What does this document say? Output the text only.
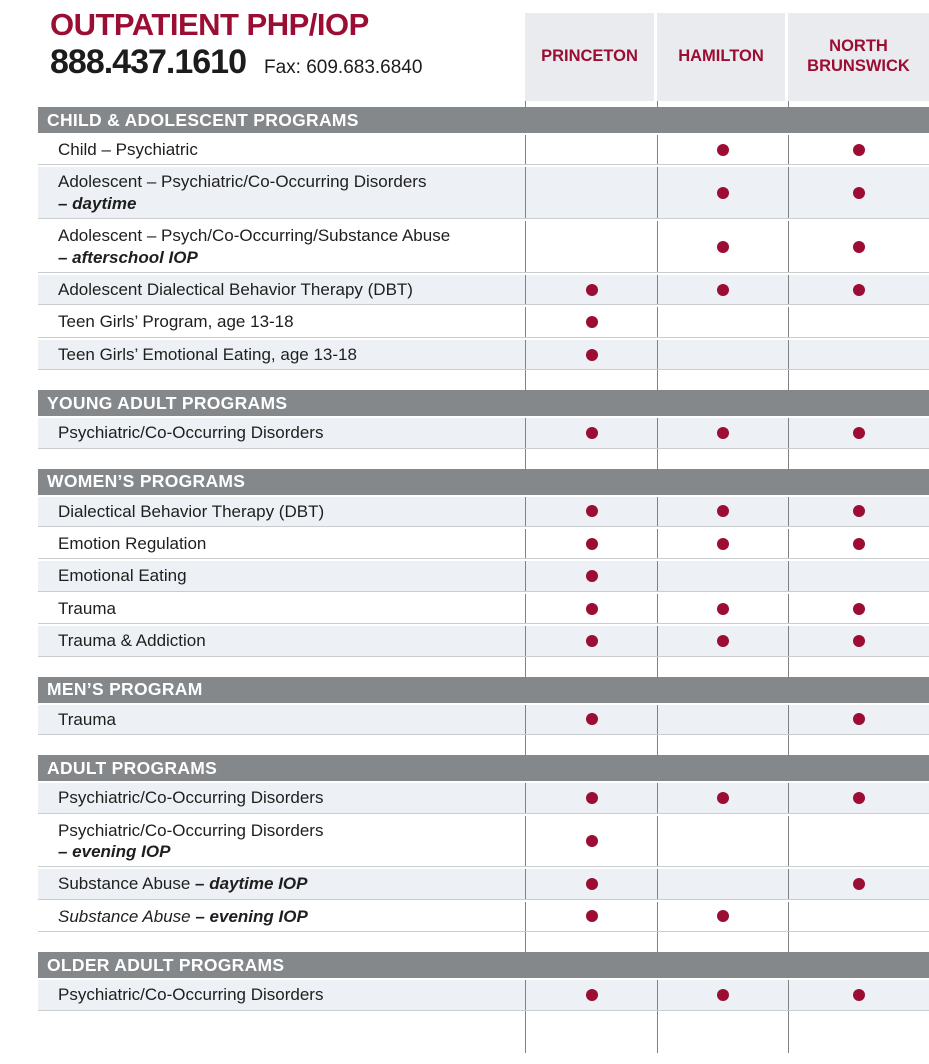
OUTPATIENT PHP/IOP
888.437.1610 Fax: 609.683.6840
PRINCETON	HAMILTON
NORTH BRUNSWICK
CHILD & ADOLESCENT PROGRAMS
Child – Psychiatric
Adolescent – Psychiatric/Co-Occurring Disorders
– daytime
Adolescent – Psych/Co-Occurring/Substance Abuse
– afterschool IOP
Adolescent Dialectical Behavior Therapy (DBT)
Teen Girls’ Program, age 13-18
Teen Girls’ Emotional Eating, age 13-18
YOUNG ADULT PROGRAMS
Psychiatric/Co-Occurring Disorders
WOMEN’S PROGRAMS
Dialectical Behavior Therapy (DBT)
Emotion Regulation
Emotional Eating
Trauma
Trauma & Addiction
MEN’S PROGRAM
Trauma
ADULT PROGRAMS
Psychiatric/Co-Occurring Disorders
Psychiatric/Co-Occurring Disorders
– evening IOP
Substance Abuse – daytime IOP
Substance Abuse – evening IOP
OLDER ADULT PROGRAMS
Psychiatric/Co-Occurring Disorders
